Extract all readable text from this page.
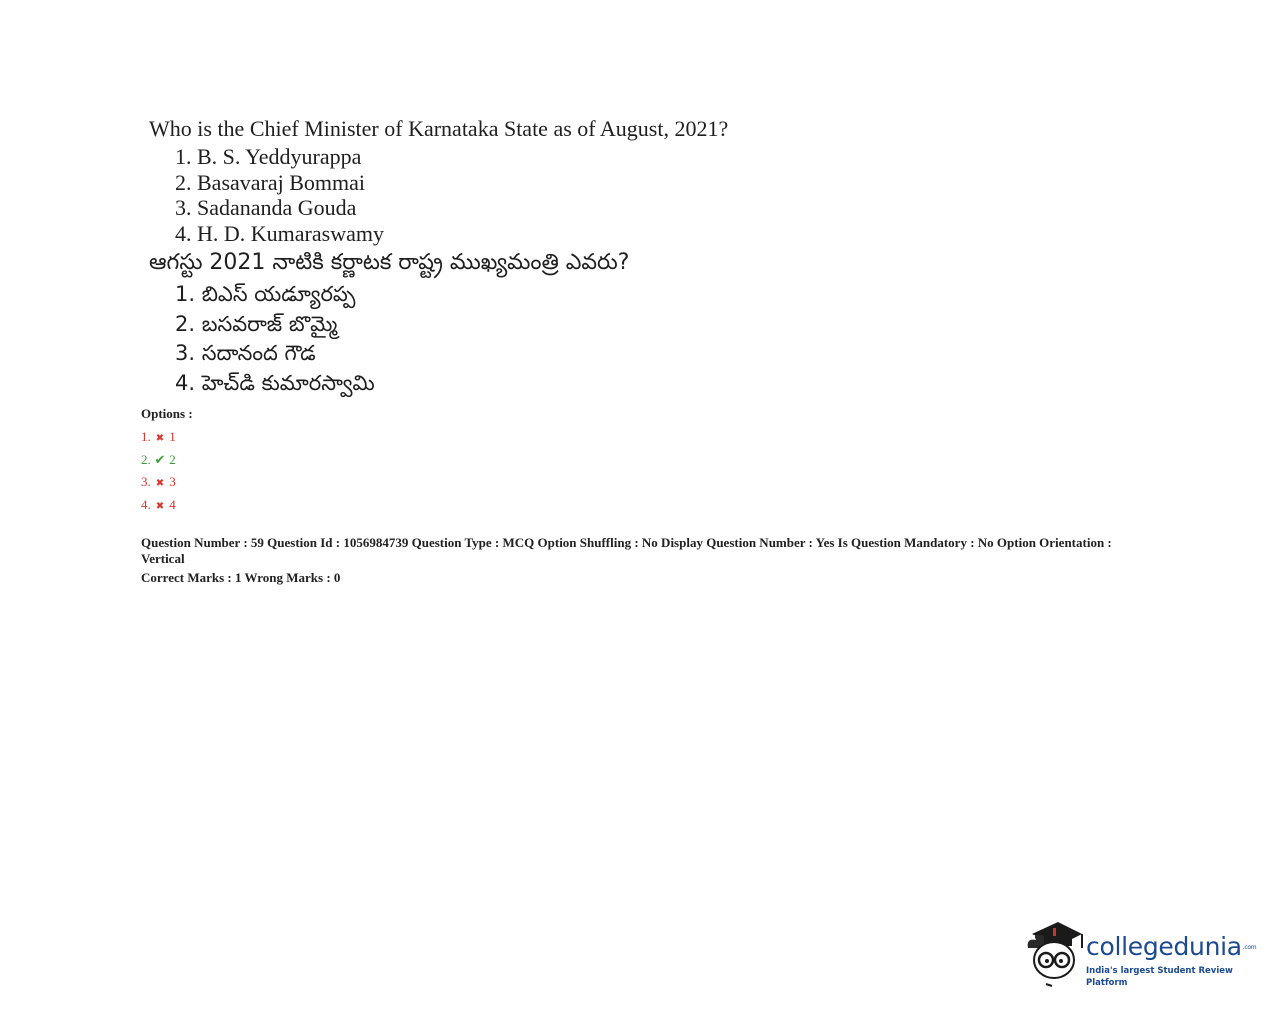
Who is the Chief Minister of Karnataka State as of August, 2021?

1. B. S. Yeddyurappa
2. Basavaraj Bommai
3. Sadananda Gouda
4. H. D. Kumaraswamy

ఆగస్టు 2021 నాటికి కర్ణాటక రాష్ట్ర ముఖ్యమంత్రి ఎవరు?

1. బిఎస్ యడ్యూరప్ప
2. బసవరాజ్ బొమ్మై
3. సదానంద గౌడ
4. హెచ్‌డి కుమారస్వామి

Options :

1. ✖ 1
2. ✔ 2
3. ✖ 3
4. ✖ 4

Question Number : 59 Question Id : 1056984739 Question Type : MCQ Option Shuffling : No Display Question Number : Yes Is Question Mandatory : No Option Orientation : Vertical

Correct Marks : 1 Wrong Marks : 0

collegedunia.com
India's largest Student Review Platform
